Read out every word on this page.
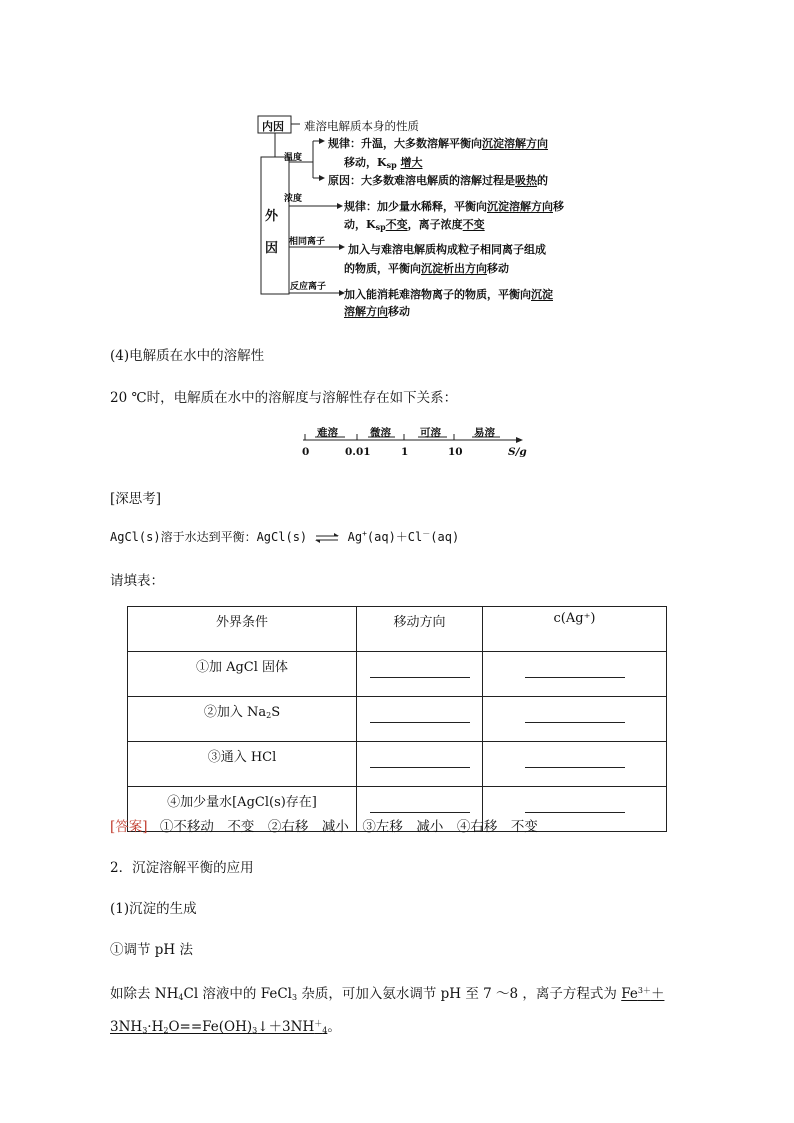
内因 难溶电解质本身的性质
外
因
温度
规律：升温，大多数溶解平衡向沉淀溶解方向
移动，$K_{sp}$ 增大
原因：大多数难溶电解质的溶解过程是吸热的
浓度
规律：加少量水稀释，平衡向沉淀溶解方向移
动，$K_{sp}$不变，离子浓度不变
相同离子
加入与难溶电解质构成粒子相同离子组成
的物质，平衡向沉淀析出方向移动
反应离子
加入能消耗难溶物离子的物质，平衡向沉淀
溶解方向移动
(4)电解质在水中的溶解性
20 ℃时，电解质在水中的溶解度与溶解性存在如下关系：
难溶	微溶	可溶	易溶
0	0.01	1	10	S/g
[深思考]
AgCl(s)溶于水达到平衡：AgCl(s) ⇌ Ag+(aq)＋Cl－(aq)
请填表：
外界条件	移动方向	c(Ag⁺)
①加 AgCl 固体		
②加入 $Na_2S$		
③通入 HCl		
④加少量水[AgCl(s)存在]		
[答案] ①不移动　不变　②右移　减小　③左移　减小　④右移　不变
2．沉淀溶解平衡的应用
(1)沉淀的生成
①调节 pH 法
如除去 $NH_4Cl$ 溶液中的 FeCl$_3$ 杂质，可加入氨水调节 pH 至 7 ～8 ，离子方程式为 $Fe^{3+}+$
$3NH_3\cdot H_2O==Fe(OH)_3↓+3NH^+_4$。
